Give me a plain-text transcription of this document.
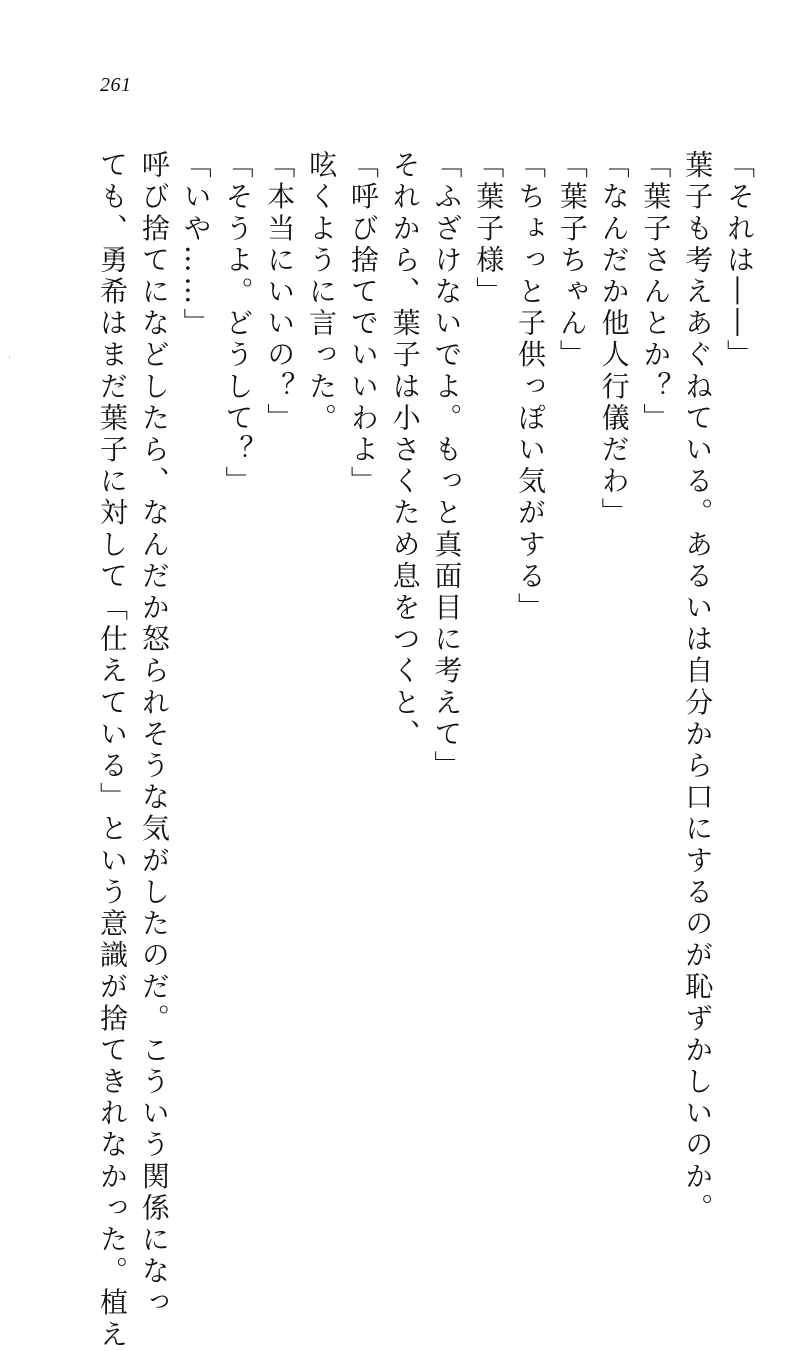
261
「それは――」
葉子も考えあぐねている。あるいは自分から口にするのが恥ずかしいのか。
「葉子さんとか？」
「なんだか他人行儀だわ」
「葉子ちゃん」
「ちょっと子供っぽい気がする」
「葉子様」
「ふざけないでよ。もっと真面目に考えて」
それから、葉子は小さくため息をつくと、
「呼び捨てでいいわよ」
呟くように言った。
「本当にいいの？」
「そうよ。どうして？」
「いや……」
呼び捨てになどしたら、なんだか怒られそうな気がしたのだ。こういう関係になっ
ても、勇希はまだ葉子に対して「仕えている」という意識が捨てきれなかった。植え
